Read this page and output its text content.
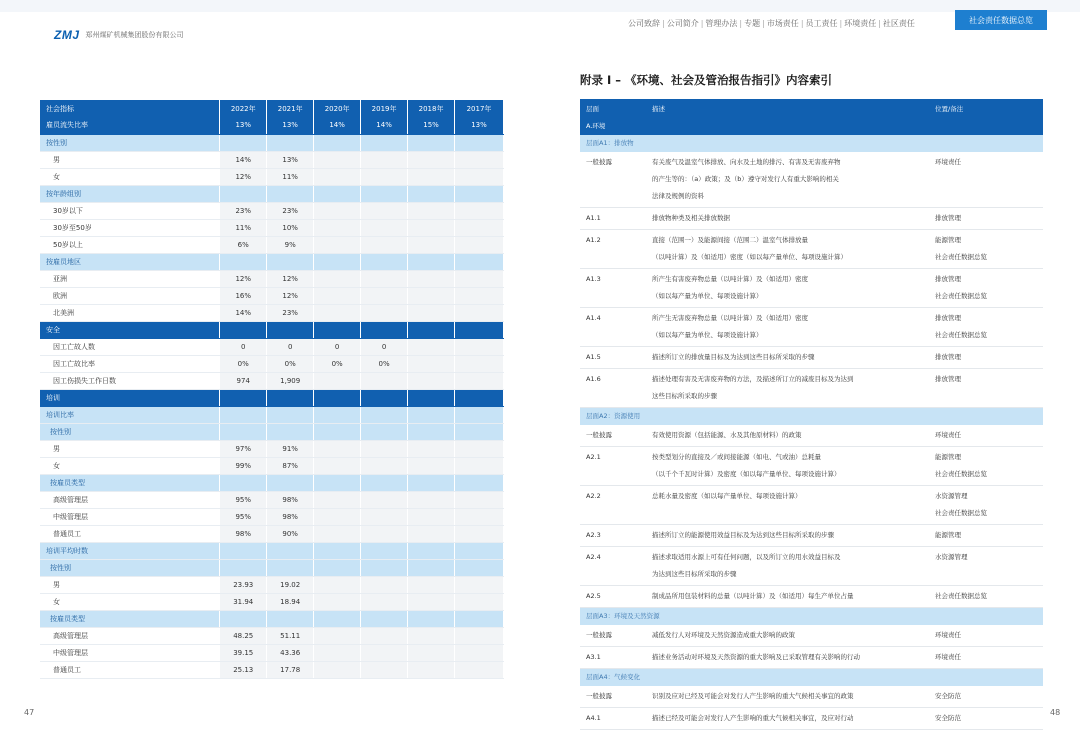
ZMJ 郑州煤矿机械集团股份有限公司
公司致辞 | 公司简介 | 管理办法 | 专题 | 市场责任 | 员工责任 | 环境责任 | 社区责任	社会责任数据总览
社会指标	2022年	2021年	2020年	2019年	2018年	2017年
雇员流失比率	13%	13%	14%	14%	15%	13%
按性别						
男	14%	13%				
女	12%	11%				
按年龄组别						
30岁以下	23%	23%				
30岁至50岁	11%	10%				
50岁以上	6%	9%				
按雇员地区						
亚洲	12%	12%				
欧洲	16%	12%				
北美洲	14%	23%				
安全						
因工亡故人数	0	0	0	0		
因工亡故比率	0%	0%	0%	0%		
因工伤损失工作日数	974	1,909				
培训						
培训比率						
按性别						
男	97%	91%				
女	99%	87%				
按雇员类型						
高级管理层	95%	98%				
中级管理层	95%	98%				
普通员工	98%	90%				
培训平均时数						
按性别						
男	23.93	19.02				
女	31.94	18.94				
按雇员类型						
高级管理层	48.25	51.11				
中级管理层	39.15	43.36				
普通员工	25.13	17.78				
附录 I – 《环境、社会及管治报告指引》内容索引
层面	描述	位置/备注
A.环境		
层面A1：排放物		
一般披露	有关废气及温室气体排放、向水及土地的排污、有害及无害废弃物
的产生等的：（a）政策；及（b）遵守对发行人有重大影响的相关
法律及规例的资料	环境责任

A1.1	排放物种类及相关排放数据	排放管理

A1.2	直接（范围一）及能源间接（范围二）温室气体排放量
（以吨计算）及（如适用）密度（如以每产量单位、每项设施计算）	能源管理
社会责任数据总览

A1.3	所产生有害废弃物总量（以吨计算）及（如适用）密度
（如以每产量为单位、每项设施计算）	排放管理
社会责任数据总览

A1.4	所产生无害废弃物总量（以吨计算）及（如适用）密度
（如以每产量为单位、每项设施计算）	排放管理
社会责任数据总览

A1.5	描述所订立的排放量目标及为达到这些目标所采取的步骤	排放管理

A1.6	描述处理有害及无害废弃物的方法，及描述所订立的减废目标及为达到
这些目标所采取的步骤	排放管理

层面A2：资源使用		
一般披露	有效使用资源（包括能源、水及其他原材料）的政策	环境责任

A2.1	按类型划分的直接及／或间接能源（如电、气或油）总耗量
（以千个千瓦时计算）及密度（如以每产量单位、每项设施计算）	能源管理
社会责任数据总览

A2.2	总耗水量及密度（如以每产量单位、每项设施计算）	水资源管理
社会责任数据总览

A2.3	描述所订立的能源使用效益目标及为达到这些目标所采取的步骤	能源管理

A2.4	描述求取适用水源上可有任何问题，以及所订立的用水效益目标及
为达到这些目标所采取的步骤	水资源管理

A2.5	制成品所用包装材料的总量（以吨计算）及（如适用）每生产单位占量	社会责任数据总览

层面A3：环境及天然资源		
一般披露	减低发行人对环境及天然资源造成重大影响的政策	环境责任

A3.1	描述业务活动对环境及天然资源的重大影响及已采取管理有关影响的行动	环境责任

层面A4：气候变化		
一般披露	识别及应对已经及可能会对发行人产生影响的重大气候相关事宜的政策	安全防范

A4.1	描述已经及可能会对发行人产生影响的重大气候相关事宜，及应对行动	安全防范
47	48
